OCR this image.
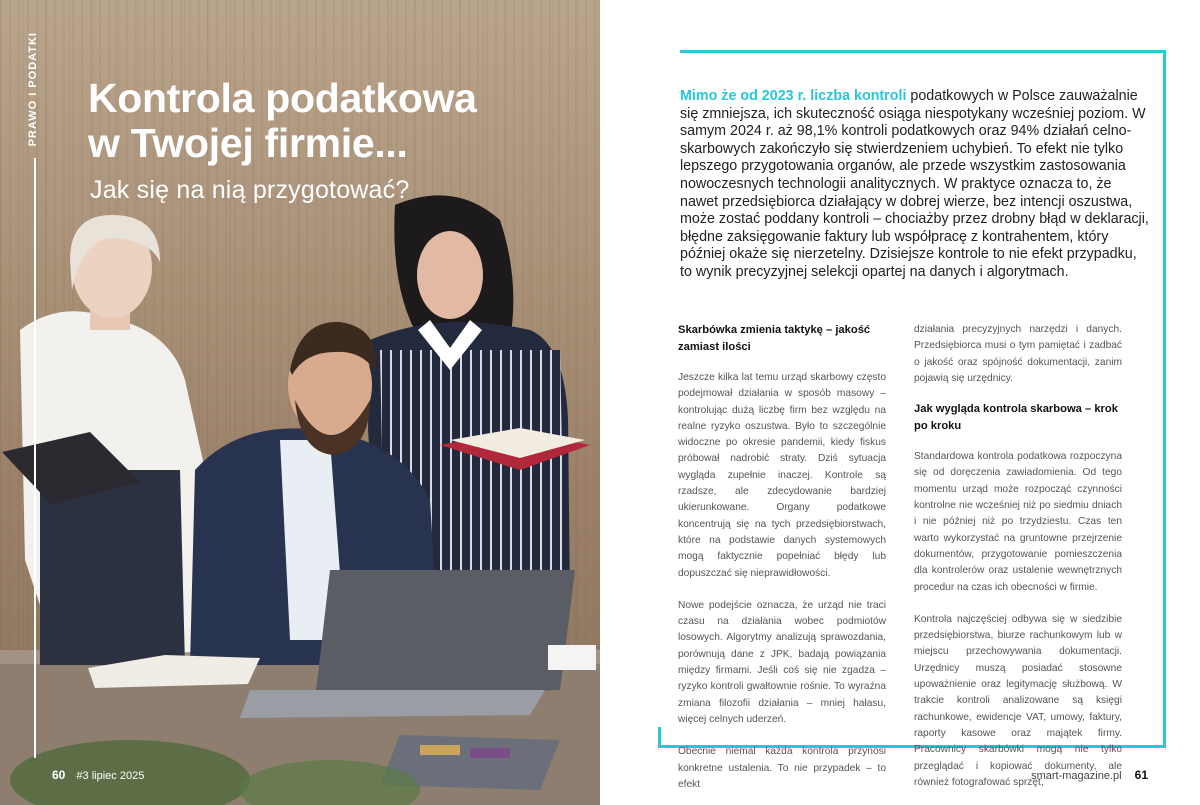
PRAWO I PODATKI Kontrola podatkowa
w Twojej firmie...
Jak się na nią przygotować?
60 #3 lipiec 2025

Mimo że od 2023 r. liczba kontroli podatkowych w Polsce zauważalnie się zmniejsza, ich skuteczność osiąga niespotykany wcześniej poziom. W samym 2024 r. aż 98,1% kontroli podatkowych oraz 94% działań celno-skarbowych zakończyło się stwierdzeniem uchybień. To efekt nie tylko lepszego przygotowania organów, ale przede wszystkim zastosowania nowoczesnych technologii analitycznych. W praktyce oznacza to, że nawet przedsiębiorca działający w dobrej wierze, bez intencji oszustwa, może zostać poddany kontroli – chociażby przez drobny błąd w deklaracji, błędne zaksięgowanie faktury lub współpracę z kontrahentem, który później okaże się nierzetelny. Dzisiejsze kontrole to nie efekt przypadku, to wynik precyzyjnej selekcji opartej na danych i algorytmach.

Skarbówka zmienia taktykę – jakość zamiast ilości

Jeszcze kilka lat temu urząd skarbowy często podejmował działania w sposób masowy – kontrolując dużą liczbę firm bez względu na realne ryzyko oszustwa. Było to szczególnie widoczne po okresie pandemii, kiedy fiskus próbował nadrobić straty. Dziś sytuacja wygląda zupełnie inaczej. Kontrole są rzadsze, ale zdecydowanie bardziej ukierunkowane. Organy podatkowe koncentrują się na tych przedsiębiorstwach, które na podstawie danych systemowych mogą faktycznie popełniać błędy lub dopuszczać się nieprawidłowości.

Nowe podejście oznacza, że urząd nie traci czasu na działania wobec podmiotów losowych. Algorytmy analizują sprawozdania, porównują dane z JPK, badają powiązania między firmami. Jeśli coś się nie zgadza – ryzyko kontroli gwałtownie rośnie. To wyraźna zmiana filozofii działania – mniej hałasu, więcej celnych uderzeń.

Obecnie niemal każda kontrola przynosi konkretne ustalenia. To nie przypadek – to efekt

działania precyzyjnych narzędzi i danych. Przedsiębiorca musi o tym pamiętać i zadbać o jakość oraz spójność dokumentacji, zanim pojawią się urzędnicy.

Jak wygląda kontrola skarbowa – krok po kroku

Standardowa kontrola podatkowa rozpoczyna się od doręczenia zawiadomienia. Od tego momentu urząd może rozpocząć czynności kontrolne nie wcześniej niż po siedmiu dniach i nie później niż po trzydziestu. Czas ten warto wykorzystać na gruntowne przejrzenie dokumentów, przygotowanie pomieszczenia dla kontrolerów oraz ustalenie wewnętrznych procedur na czas ich obecności w firmie.

Kontrola najczęściej odbywa się w siedzibie przedsiębiorstwa, biurze rachunkowym lub w miejscu przechowywania dokumentacji. Urzędnicy muszą posiadać stosowne upoważnienie oraz legitymację służbową. W trakcie kontroli analizowane są księgi rachunkowe, ewidencje VAT, umowy, faktury, raporty kasowe oraz majątek firmy. Pracownicy skarbówki mogą nie tylko przeglądać i kopiować dokumenty, ale również fotografować sprzęt,

smart-magazine.pl 61
